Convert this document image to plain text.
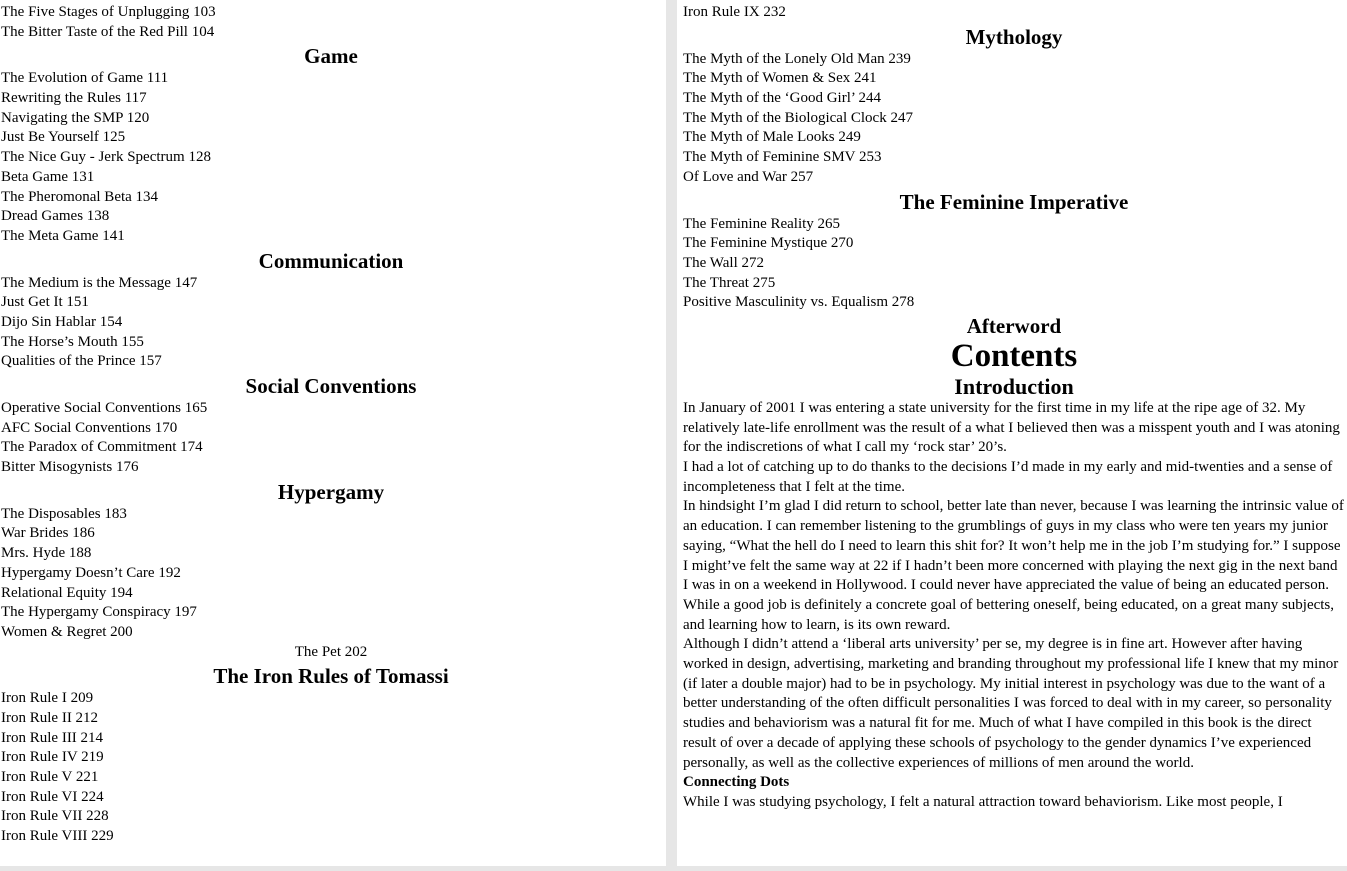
The Five Stages of Unplugging 103
The Bitter Taste of the Red Pill 104
Game
The Evolution of Game 111
Rewriting the Rules 117
Navigating the SMP 120
Just Be Yourself 125
The Nice Guy - Jerk Spectrum 128
Beta Game 131
The Pheromonal Beta 134
Dread Games 138
The Meta Game 141
Communication
The Medium is the Message 147
Just Get It 151
Dijo Sin Hablar 154
The Horse’s Mouth 155
Qualities of the Prince 157
Social Conventions
Operative Social Conventions 165
AFC Social Conventions 170
The Paradox of Commitment 174
Bitter Misogynists 176
Hypergamy
The Disposables 183
War Brides 186
Mrs. Hyde 188
Hypergamy Doesn’t Care 192
Relational Equity 194
The Hypergamy Conspiracy 197
Women & Regret 200
The Pet 202
The Iron Rules of Tomassi
Iron Rule I 209
Iron Rule II 212
Iron Rule III 214
Iron Rule IV 219
Iron Rule V 221
Iron Rule VI 224
Iron Rule VII 228
Iron Rule VIII 229
Iron Rule IX 232
Mythology
The Myth of the Lonely Old Man 239
The Myth of Women & Sex 241
The Myth of the ‘Good Girl’ 244
The Myth of the Biological Clock 247
The Myth of Male Looks 249
The Myth of Feminine SMV 253
Of Love and War 257
The Feminine Imperative
The Feminine Reality 265
The Feminine Mystique 270
The Wall 272
The Threat 275
Positive Masculinity vs. Equalism 278
Afterword
Contents
Introduction

In January of 2001 I was entering a state university for the first time in my life at the ripe age of 32. My relatively late-life enrollment was the result of a what I believed then was a misspent youth and I was atoning for the indiscretions of what I call my ‘rock star’ 20’s.

I had a lot of catching up to do thanks to the decisions I’d made in my early and mid-twenties and a sense of incompleteness that I felt at the time.

In hindsight I’m glad I did return to school, better late than never, because I was learning the intrinsic value of an education. I can remember listening to the grumblings of guys in my class who were ten years my junior saying, “What the hell do I need to learn this shit for? It won’t help me in the job I’m studying for.” I suppose I might’ve felt the same way at 22 if I hadn’t been more concerned with playing the next gig in the next band I was in on a weekend in Hollywood. I could never have appreciated the value of being an educated person. While a good job is definitely a concrete goal of bettering oneself, being educated, on a great many subjects, and learning how to learn, is its own reward.

Although I didn’t attend a ‘liberal arts university’ per se, my degree is in fine art. However after having worked in design, advertising, marketing and branding throughout my professional life I knew that my minor (if later a double major) had to be in psychology. My initial interest in psychology was due to the want of a better understanding of the often difficult personalities I was forced to deal with in my career, so personality studies and behaviorism was a natural fit for me. Much of what I have compiled in this book is the direct result of over a decade of applying these schools of psychology to the gender dynamics I’ve experienced personally, as well as the collective experiences of millions of men around the world.

Connecting Dots

While I was studying psychology, I felt a natural attraction toward behaviorism. Like most people, I
